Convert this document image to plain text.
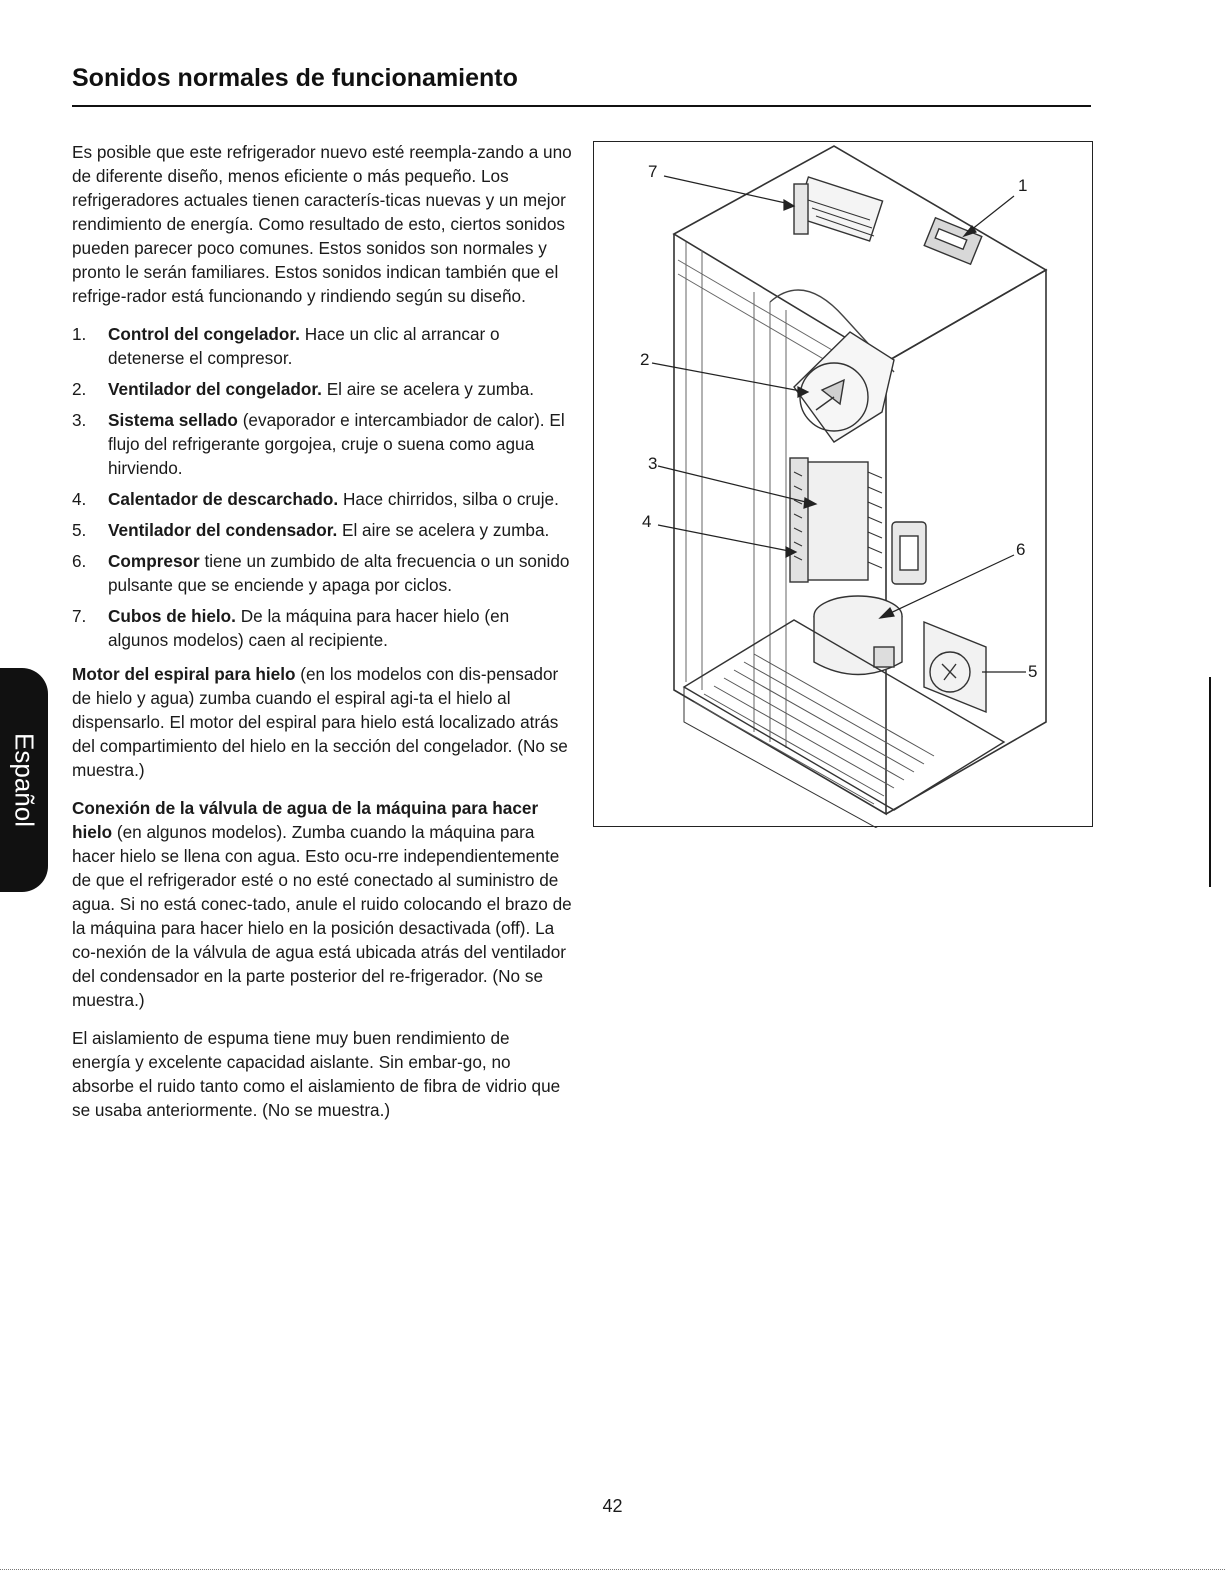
Sonidos normales de funcionamiento

Es posible que este refrigerador nuevo esté reempla-zando a uno de diferente diseño, menos eficiente o más pequeño. Los refrigeradores actuales tienen caracterís-ticas nuevas y un mejor rendimiento de energía. Como resultado de esto, ciertos sonidos pueden parecer poco comunes. Estos sonidos son normales y pronto le serán familiares. Estos sonidos indican también que el refrige-rador está funcionando y rindiendo según su diseño.

1. Control del congelador. Hace un clic al arrancar o detenerse el compresor.
2. Ventilador del congelador. El aire se acelera y zumba.
3. Sistema sellado (evaporador e intercambiador de calor). El flujo del refrigerante gorgojea, cruje o suena como agua hirviendo.
4. Calentador de descarchado. Hace chirridos, silba o cruje.
5. Ventilador del condensador. El aire se acelera y zumba.
6. Compresor tiene un zumbido de alta frecuencia o un sonido pulsante que se enciende y apaga por ciclos.
7. Cubos de hielo. De la máquina para hacer hielo (en algunos modelos) caen al recipiente.

Motor del espiral para hielo (en los modelos con dis-pensador de hielo y agua) zumba cuando el espiral agi-ta el hielo al dispensarlo. El motor del espiral para hielo está localizado atrás del compartimiento del hielo en la sección del congelador. (No se muestra.)

Conexión de la válvula de agua de la máquina para hacer hielo (en algunos modelos). Zumba cuando la máquina para hacer hielo se llena con agua. Esto ocu-rre independientemente de que el refrigerador esté o no esté conectado al suministro de agua. Si no está conec-tado, anule el ruido colocando el brazo de la máquina para hacer hielo en la posición desactivada (off). La co-nexión de la válvula de agua está ubicada atrás del ventilador del condensador en la parte posterior del re-frigerador. (No se muestra.)

El aislamiento de espuma tiene muy buen rendimiento de energía y excelente capacidad aislante. Sin embar-go, no absorbe el ruido tanto como el aislamiento de fibra de vidrio que se usaba anteriormente. (No se muestra.)

7
1
2
3
4
6
5
Español
42
